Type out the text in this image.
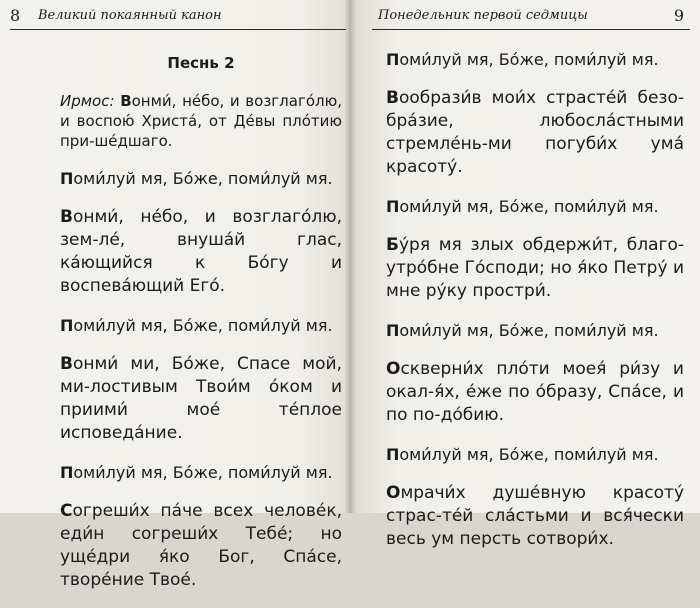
8 Великий покаянный канон
Песнь 2
Ирмос: Вонми́, не́бо, и возглаго́лю, и воспою́ Христа́, от Де́вы пло́тию при-ше́дшаго.
Поми́луй мя, Бо́же, поми́луй мя.
Вонми́, не́бо, и возглаго́лю, зем-ле́, внуша́й глас, ка́ющийся к Бо́гу и воспева́ющий Его́.
Поми́луй мя, Бо́же, поми́луй мя.
Вонми́ ми, Бо́же, Спасе мой, ми-лостивым Твои́м о́ком и приими́ мое́ те́плое исповеда́ние.
Поми́луй мя, Бо́же, поми́луй мя.
Согреши́х па́че всех челове́к, еди́н согреши́х Тебе́; но уще́дри я́ко Бог, Спа́се, творе́ние Твое́.
Понедельник первой седмицы	9
Поми́луй мя, Бо́же, поми́луй мя.
Вообрази́в мои́х страсте́й безо-бра́зие, любосла́стными стремле́нь-ми погуби́х ума́ красоту́.
Поми́луй мя, Бо́же, поми́луй мя.
Бу́ря мя злых обдержи́т, благо-утро́бне Го́споди; но я́ко Петру́ и мне ру́ку простри́.
Поми́луй мя, Бо́же, поми́луй мя.
Оскверни́х пло́ти моея́ ри́зу и окал-я́х, е́же по о́бразу, Спа́се, и по по-до́бию.
Поми́луй мя, Бо́же, поми́луй мя.
Омрачи́х душе́вную красоту́ страс-те́й сла́стьми и вся́чески весь ум персть сотвори́х.
